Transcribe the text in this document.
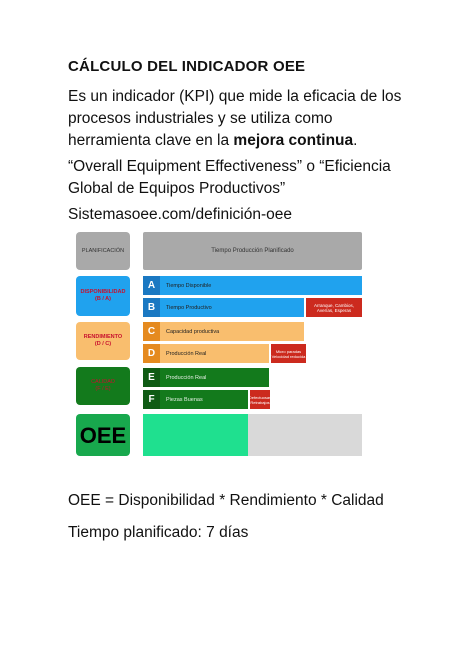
CÁLCULO DEL INDICADOR OEE
Es un indicador (KPI) que mide la eficacia de los procesos industriales y se utiliza como herramienta clave en la mejora continua.
“Overall Equipment Effectiveness” o “Eficiencia Global de Equipos Productivos”
Sistemasoee.com/definición-oee
PLANIFICACIÓN	Tiempo Producción Planificado
DISPONIBILIDAD
(B / A)
RENDIMIENTO
(D / C)
CALIDAD
(F / E)
OEE
A	Tiempo Disponible
B	Tiempo Productivo	Arranque, Cambios, Averías, Esperas
C	Capacidad productiva
D	Producción Real	Micro paradas Velocidad reducida
E	Producción Real
F	Piezas Buenas	Defectuosas Retrabajos
OEE = Disponibilidad * Rendimiento * Calidad
Tiempo planificado: 7 días
